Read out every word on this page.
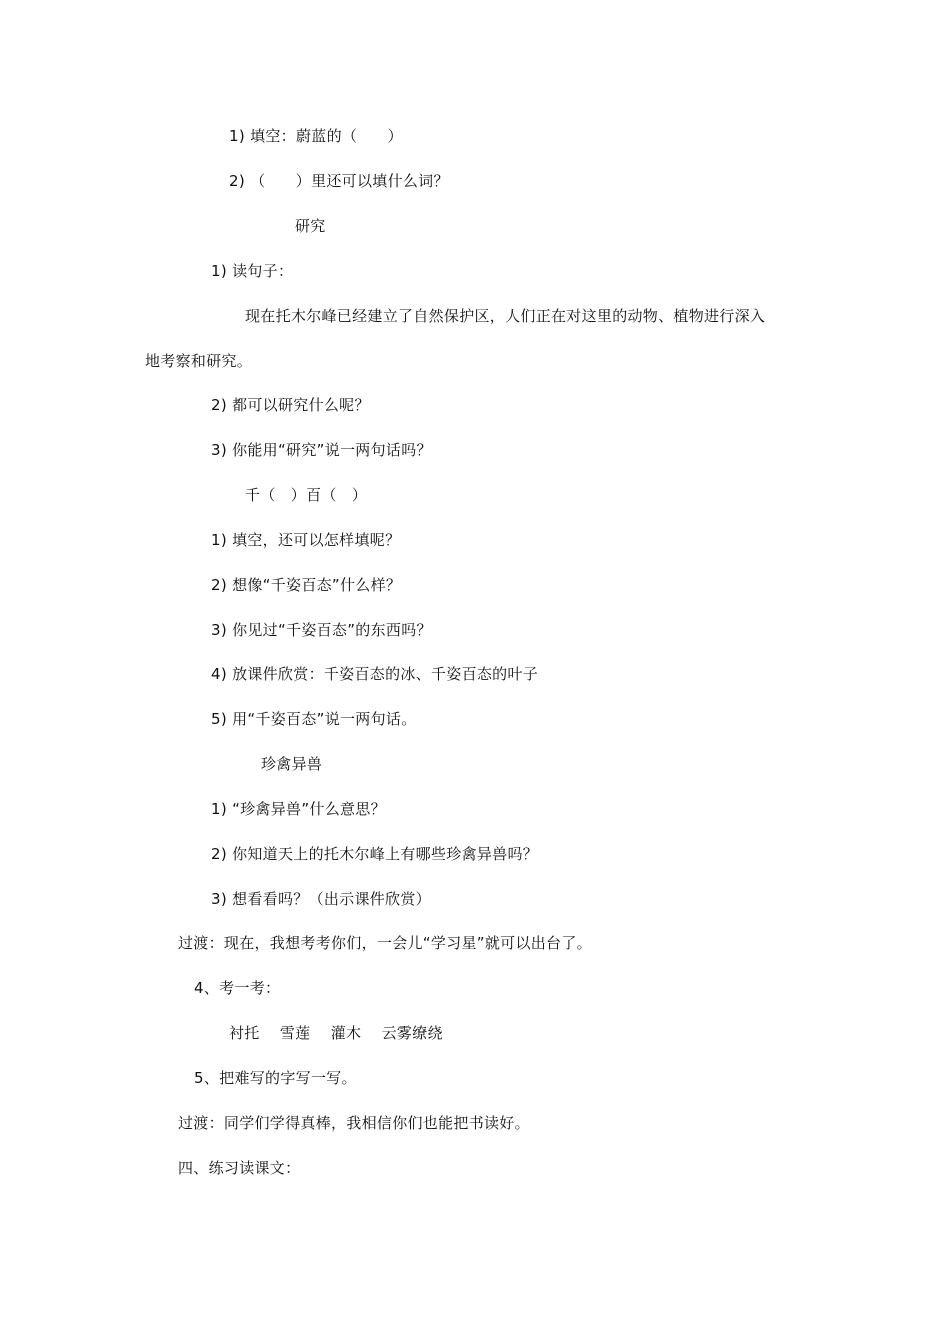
1) 填空：蔚蓝的（      ）
2) （      ）里还可以填什么词？
研究
1) 读句子：
现在托木尔峰已经建立了自然保护区，人们正在对这里的动物、植物进行深入
地考察和研究。
2) 都可以研究什么呢？
3) 你能用“研究”说一两句话吗？
千（   ）百（   ）
1) 填空，还可以怎样填呢？
2) 想像“千姿百态”什么样？
3) 你见过“千姿百态”的东西吗？
4) 放课件欣赏：千姿百态的冰、千姿百态的叶子
5) 用“千姿百态”说一两句话。
珍禽异兽
1) “珍禽异兽”什么意思？
2) 你知道天上的托木尔峰上有哪些珍禽异兽吗？
3) 想看看吗？（出示课件欣赏）
过渡：现在，我想考考你们，一会儿“学习星”就可以出台了。
4、考一考：
衬托    雪莲    灌木    云雾缭绕
5、把难写的字写一写。
过渡：同学们学得真棒，我相信你们也能把书读好。
四、练习读课文：
